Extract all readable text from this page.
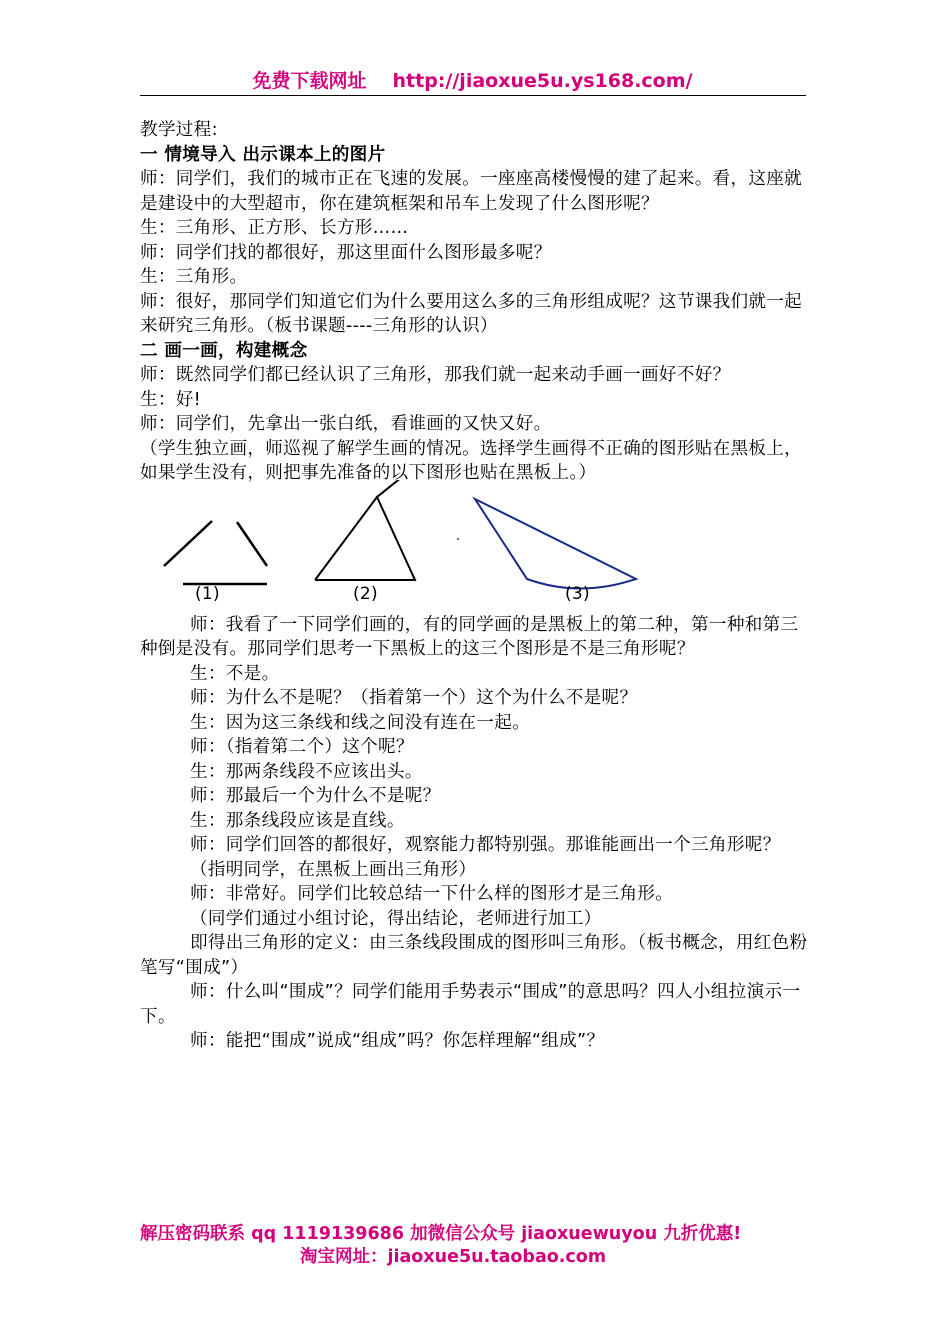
免费下载网址 http://jiaoxue5u.ys168.com/

教学过程:

一 情境导入 出示课本上的图片

师：同学们，我们的城市正在飞速的发展。一座座高楼慢慢的建了起来。看，这座就是建设中的大型超市，你在建筑框架和吊车上发现了什么图形呢？

生：三角形、正方形、长方形……

师：同学们找的都很好，那这里面什么图形最多呢？

生：三角形。

师：很好，那同学们知道它们为什么要用这么多的三角形组成呢？这节课我们就一起来研究三角形。（板书课题----三角形的认识）

二 画一画，构建概念

师：既然同学们都已经认识了三角形，那我们就一起来动手画一画好不好？

生：好!

师：同学们，先拿出一张白纸，看谁画的又快又好。

（学生独立画，师巡视了解学生画的情况。选择学生画得不正确的图形贴在黑板上，如果学生没有，则把事先准备的以下图形也贴在黑板上。）

(1)	(2)	(3)

师：我看了一下同学们画的，有的同学画的是黑板上的第二种，第一种和第三种倒是没有。那同学们思考一下黑板上的这三个图形是不是三角形呢？

生：不是。

师：为什么不是呢？（指着第一个）这个为什么不是呢？

生：因为这三条线和线之间没有连在一起。

师：（指着第二个）这个呢？

生：那两条线段不应该出头。

师：那最后一个为什么不是呢？

生：那条线段应该是直线。

师：同学们回答的都很好，观察能力都特别强。那谁能画出一个三角形呢？

（指明同学，在黑板上画出三角形）

师：非常好。同学们比较总结一下什么样的图形才是三角形。

（同学们通过小组讨论，得出结论，老师进行加工）

即得出三角形的定义：由三条线段围成的图形叫三角形。（板书概念，用红色粉笔写“围成”）

师：什么叫“围成”？同学们能用手势表示“围成”的意思吗？四人小组拉演示一下。

师：能把“围成”说成“组成”吗？你怎样理解“组成”？

解压密码联系 qq 1119139686 加微信公众号 jiaoxuewuyou 九折优惠!
淘宝网址：jiaoxue5u.taobao.com
